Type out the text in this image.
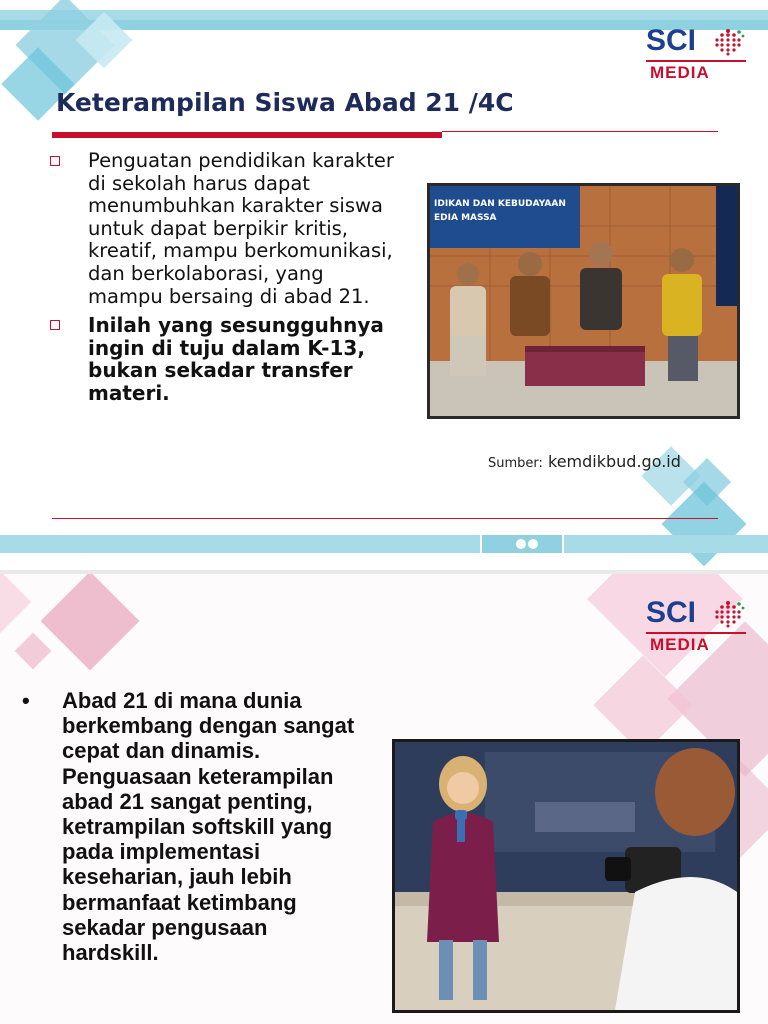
SCI
MEDIA
Keterampilan Siswa Abad 21 /4C
Penguatan pendidikan karakter di sekolah harus dapat menumbuhkan karakter siswa untuk dapat berpikir kritis, kreatif, mampu berkomunikasi, dan berkolaborasi, yang mampu bersaing di abad 21.
Inilah yang sesungguhnya ingin di tuju dalam K-13, bukan sekadar transfer materi.
IDIKAN DAN KEBUDAYAAN
EDIA MASSA
Sumber: kemdikbud.go.id
SCI
MEDIA
• Abad 21 di mana dunia berkembang dengan sangat cepat dan dinamis. Penguasaan keterampilan abad 21 sangat penting, ketrampilan softskill yang pada implementasi keseharian, jauh lebih bermanfaat ketimbang sekadar pengusaan hardskill.
